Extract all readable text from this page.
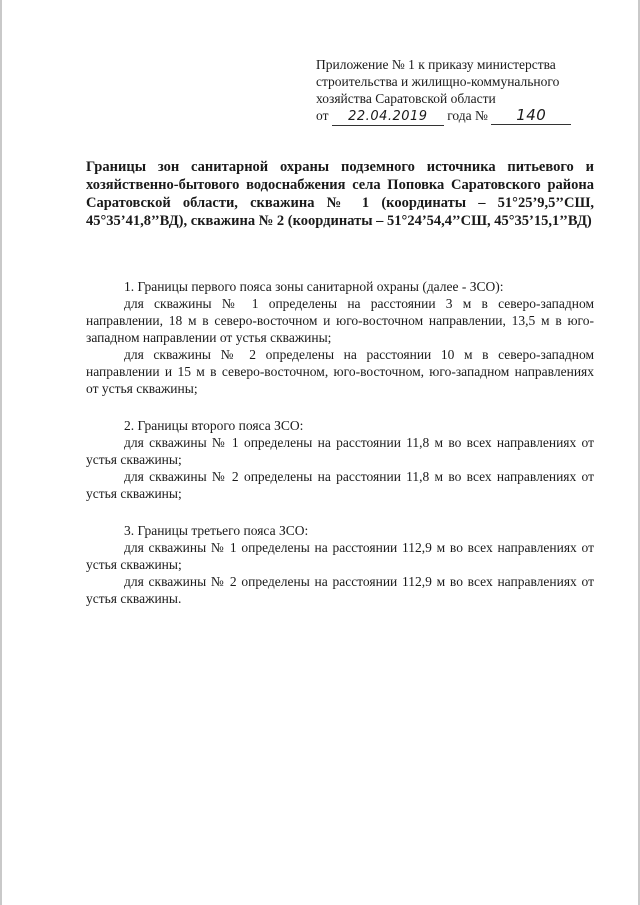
Приложение № 1 к приказу министерства
строительства и жилищно-коммунального
хозяйства Саратовской области
от 22.04.2019 года № 140
Границы зон санитарной охраны подземного источника питьевого и хозяйственно-бытового водоснабжения села Поповка Саратовского района Саратовской области, скважина № 1 (координаты – 51°25’9,5’’СШ, 45°35’41,8’’ВД), скважина № 2 (координаты – 51°24’54,4’’СШ, 45°35’15,1’’ВД)

1. Границы первого пояса зоны санитарной охраны (далее - ЗСО):

для скважины № 1 определены на расстоянии 3 м в северо-западном направлении, 18 м в северо-восточном и юго-восточном направлении, 13,5 м в юго-западном направлении от устья скважины;

для скважины № 2 определены на расстоянии 10 м в северо-западном направлении и 15 м в северо-восточном, юго-восточном, юго-западном направлениях от устья скважины;

2. Границы второго пояса ЗСО:

для скважины № 1 определены на расстоянии 11,8 м во всех направлениях от устья скважины;

для скважины № 2 определены на расстоянии 11,8 м во всех направлениях от устья скважины;

3. Границы третьего пояса ЗСО:

для скважины № 1 определены на расстоянии 112,9 м во всех направлениях от устья скважины;

для скважины № 2 определены на расстоянии 112,9 м во всех направлениях от устья скважины.
